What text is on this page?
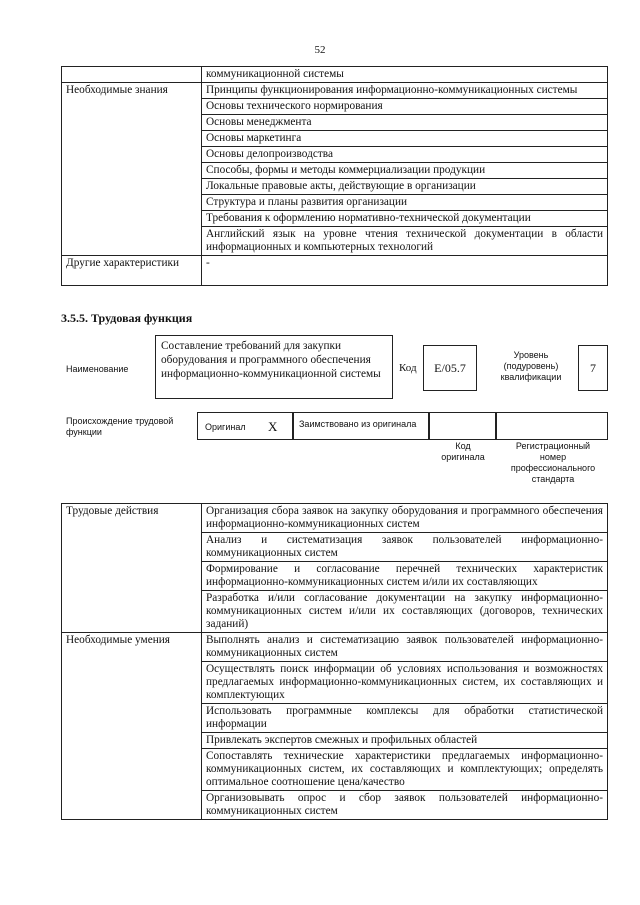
52
	коммуникационной системы
Необходимые знания	Принципы функционирования информационно-коммуникационных системы
	Основы технического нормирования
	Основы менеджмента
	Основы маркетинга
	Основы делопроизводства
	Способы, формы и методы коммерциализации продукции
	Локальные правовые акты, действующие в организации
	Структура и планы развития организации
	Требования к оформлению нормативно-технической документации
	Английский язык на уровне чтения технической документации в области информационных и компьютерных технологий
Другие характеристики	-
3.5.5. Трудовая функция
Наименование
Составление требований для закупки оборудования и программного обеспечения информационно-коммуникационной системы	Код E/05.7
Уровень (подуровень) квалификации
7
Происхождение трудовой функции	Оригинал X	Заимствовано из оригинала
Код оригинала
Регистрационный номер профессионального стандарта
Трудовые действия	Организация сбора заявок на закупку оборудования и программного обеспечения информационно-коммуникационных систем
	Анализ и систематизация заявок пользователей информационно-коммуникационных систем
	Формирование и согласование перечней технических характеристик информационно-коммуникационных систем и/или их составляющих
	Разработка и/или согласование документации на закупку информационно-коммуникационных систем и/или их составляющих (договоров, технических заданий)
Необходимые умения	Выполнять анализ и систематизацию заявок пользователей информационно-коммуникационных систем
	Осуществлять поиск информации об условиях использования и возможностях предлагаемых информационно-коммуникационных систем, их составляющих и комплектующих
	Использовать программные комплексы для обработки статистической информации
	Привлекать экспертов смежных и профильных областей
	Сопоставлять технические характеристики предлагаемых информационно-коммуникационных систем, их составляющих и комплектующих; определять оптимальное соотношение цена/качество
	Организовывать опрос и сбор заявок пользователей информационно-коммуникационных систем
